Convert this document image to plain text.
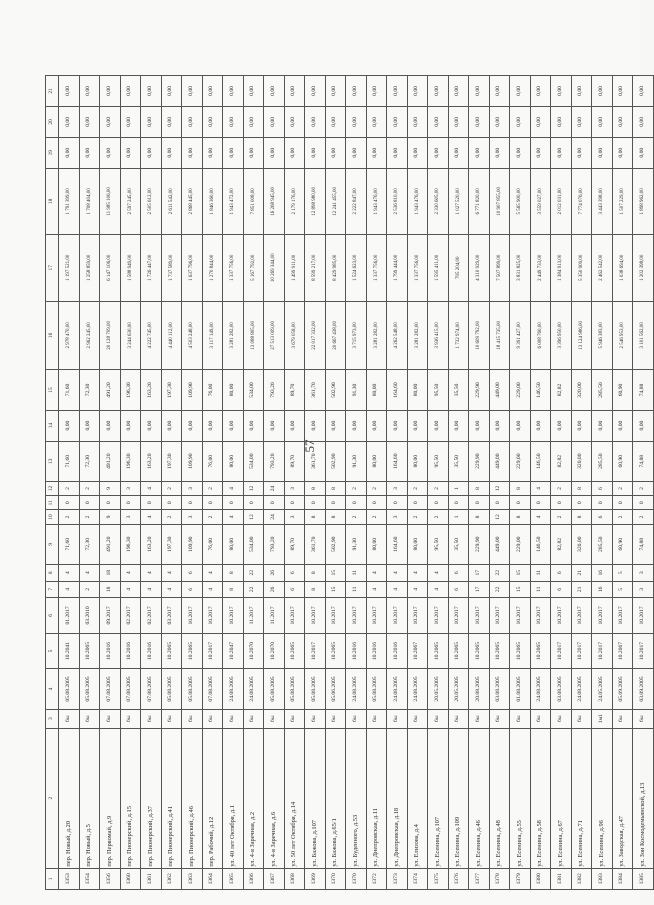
57
1	2	3	4	5	6	7	8	9	10	11	12	13	14	15	16	17	18	19	20	21
1353	пер. Новый, д.20	6ы	05.08.2005	10.2041	01.2017	4	4	71,60	2	0	2	71,60	0,00	71,60	2 978 470,00	1 197 521,00	1 791 399,00	0,00	0,00	0,00
1354	пер. Новый, д.5	6ы	05.08.2005	10.2065	03.2010	2	4	72,30	2	0	2	72,30	0,00	72,30	2 962 245,00	1 258 859,00	1 708 404,00	0,00	0,00	0,00
1356	пер. Первомай, д.9	6ы	07.08.2005	10.2016	09.2017	18	18	491,20	9	0	9	491,20	0,00	491,20	20 128 709,00	6 147 106,00	11 985 106,00	0,00	0,00	0,00
1360	пер. Пионерский, д.15	6ы	07.08.2005	10.2016	02.2017	4	4	196,30	3	0	3	196,30	0,00	196,30	3 244 630,00	1 588 949,00	2 597 245,00	0,00	0,00	0,00
1361	пер. Пионерский, д.37	6ы	07.08.2005	10.2016	02.2017	4	4	163,20	4	0	4	163,20	0,00	163,20	4 222 745,00	1 726 447,00	2 505 612,00	0,00	0,00	0,00
1362	пер. Пионерский, д.41	6ы	05.08.2005	10.2065	03.2017	4	4	197,30	2	0	2	197,30	0,00	197,30	4 440 112,00	1 737 589,00	2 611 542,00	0,00	0,00	0,00
1363	пер. Пионерский, д.46	6ы	05.08.2005	10.2065	10.2017	6	6	109,90	3	0	3	109,90	0,00	109,90	4 503 248,00	1 637 796,00	2 868 445,00	0,00	0,00	0,00
1364	пер. Рабочий, д.12	6ы	07.08.2005	10.2017	10.2017	4	4	76,00	2	0	2	76,00	0,00	76,00	3 117 149,00	1 270 844,00	1 846 360,00	0,00	0,00	0,00
1365	ул. 40 лет Октября, д.1	6ы	24.08.2005	10.2047	10.2017	8	8	80,00	4	0	4	80,00	0,00	80,00	3 281 282,00	1 337 756,00	1 943 472,00	0,00	0,00	0,00
1366	ул. 4-я Заречная, д.2	6ы	24.08.2005	10.2070	11.2017	22	22	534,00	12	0	12	534,00	0,00	534,00	13 088 805,00	5 167 792,00	7 851 008,00	0,00	0,00	0,00
1367	ул. 4-я Заречная, д.6	6ы	05.08.2005	10.2070	11.2017	26	26	793,20	24	0	24	793,20	0,00	793,20	27 513 009,00	10 269 344,00	16 268 945,00	0,00	0,00	0,00
1368	ул. 50 лет Октября, д.14	6ы	05.08.2005	10.2065	10.2017	6	6	89,70	3	0	3	89,70	0,00	89,70	3 679 058,00	1 499 911,00	2 179 176,00	0,00	0,00	0,00
1369	ул. Бажова, д.107	6ы	05.08.2005	10.2017	10.2017	8	8	361,70	8	0	8	361,70	0,00	361,70	22 017 332,00	8 599 217,00	12 898 980,00	0,00	0,00	0,00
1370	ул. Бажова, д.65/1	6ы	05.06.2005	10.2065	10.2017	15	15	502,90	8	0	8	502,90	0,00	502,90	20 667 438,00	8 429 985,00	12 241 455,00	0,00	0,00	0,00
1370	ул. Буденного, д.53	6ы	24.08.2005	10.2016	10.2017	11	11	91,30	2	0	2	91,30	0,00	91,30	3 715 973,00	1 524 623,00	2 222 847,00	0,00	0,00	0,00
1372	ул. Днепровская, д.11	6ы	05.08.2005	10.2016	10.2017	4	4	80,00	2	0	2	80,00	0,00	80,00	3 281 282,00	1 337 756,00	1 943 476,00	0,00	0,00	0,00
1373	ул. Днепровская, д.18	6ы	24.08.2005	10.2016	10.2017	4	4	164,60	3	0	3	164,60	0,00	164,60	4 262 548,00	1 799 444,00	2 536 810,00	0,00	0,00	0,00
1374	ул. Елизова, д.4	6ы	24.08.2005	10.2067	10.2017	4	4	80,00	2	0	2	80,00	0,00	80,00	3 281 282,00	1 337 756,00	1 943 476,00	0,00	0,00	0,00
1375	ул. Есенина, д.107	6ы	20.05.2005	10.2065	10.2017	4	4	95,50	2	0	2	95,50	0,00	95,50	3 936 415,00	1 595 411,00	2 330 605,00	0,00	0,00	0,00
1376	ул. Есенина, д.109	6ы	20.05.2005	10.2065	10.2017	6	6	35,50	1	0	1	35,50	0,00	35,50	1 732 974,00	705 204,00	1 027 520,00	0,00	0,00	0,00
1377	ул. Есенина, д.46	6ы	20.08.2005	10.2065	10.2017	17	17	229,90	8	0	8	229,90	0,00	229,90	10 609 792,00	4 310 929,00	6 771 820,00	0,00	0,00	0,00
1378	ул. Есенина, д.48	6ы	03.08.2005	10.2065	10.2017	22	22	449,00	12	0	12	449,00	0,00	449,00	18 415 735,00	7 507 899,00	10 907 855,00	0,00	0,00	0,00
1379	ул. Есенина, д.55	6ы	01.08.2005	10.2065	10.2017	15	15	229,00	8	0	8	229,00	0,00	229,00	9 391 427,00	3 831 825,00	5 565 900,00	0,00	0,00	0,00
1380	ул. Есенина, д.58	6ы	24.08.2005	10.2065	10.2017	11	11	146,50	4	0	4	146,50	0,00	146,50	6 008 760,00	2 449 733,00	3 559 027,00	0,00	0,00	0,00
1381	ул. Есенина, д.67	6ы	03.08.2005	10.2017	10.2017	6	6	82,82	2	0	2	82,82	0,00	82,82	3 396 950,00	1 384 913,00	2 012 031,00	0,00	0,00	0,00
1382	ул. Есенина, д.71	6ы	24.08.2005	10.2017	10.2017	21	21	320,00	8	0	8	320,00	0,00	320,00	13 124 986,00	5 350 909,00	7 774 076,00	0,00	0,00	0,00
1383	ул. Есенина, д.96	1м1	24.05.2005	10.2017	10.2017	16	16	285,50	6	0	6	285,50	0,00	285,50	5 946 383,00	2 462 542,00	3 443 398,00	0,00	0,00	0,00
1384	ул. Заводская, д.47	6ы	05.09.2005	10.2067	10.2017	5	5	60,90	2	0	2	60,90	0,00	60,90	2 546 953,00	1 038 694,00	1 507 229,00	0,00	0,00	0,00
1385	ул. Зои Космодемьянской, д.13	6ы	03.09.2005	10.2017	10.2017	3	3	74,88	2	0	2	74,88	0,00	74,88	3 101 562,00	1 202 398,00	1 898 962,00	0,00	0,00	0,00
